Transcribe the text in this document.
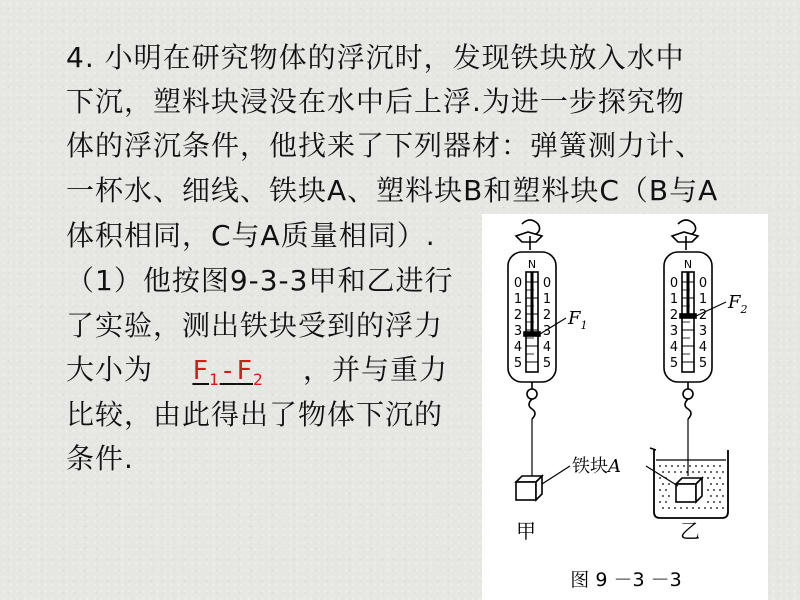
4. 小明在研究物体的浮沉时，发现铁块放入水中
下沉，塑料块浸没在水中后上浮.为进一步探究物
体的浮沉条件，他找来了下列器材：弹簧测力计、
一杯水、细线、铁块A、塑料块B和塑料块C（B与A
体积相同，C与A质量相同）.
（1）他按图9-3-3甲和乙进行
了实验，测出铁块受到的浮力
大小为 $F_1-F_2$ ，并与重力
比较，由此得出了物体下沉的
条件.
N
0
1
2
3
4
5
0
1
2
3
4
5
$F_1$
N
0
1
2
3
4
5
0
1
2
3
4
5
$F_2$
铁块A
甲	乙
图 9 －3 －3
